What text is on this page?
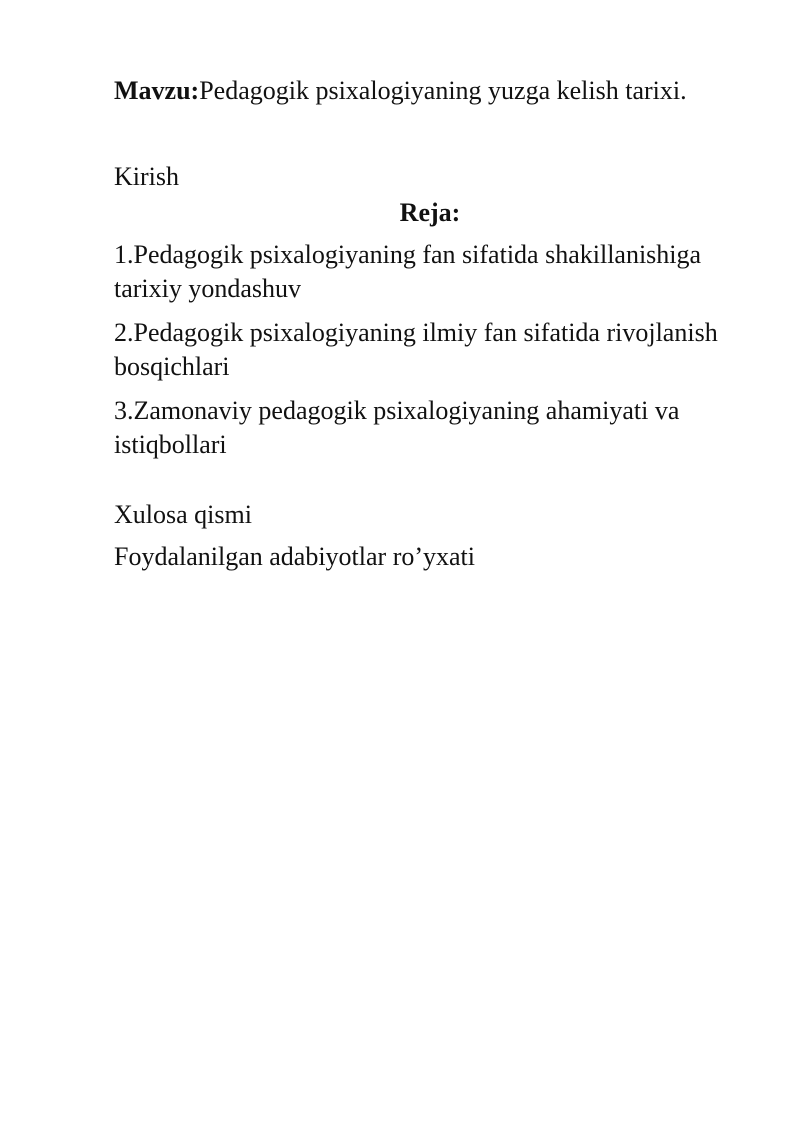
Mavzu:Pedagogik psixalogiyaning yuzga kelish tarixi.

Kirish

Reja:

1.Pedagogik psixalogiyaning fan sifatida shakillanishiga tarixiy yondashuv
2.Pedagogik psixalogiyaning ilmiy fan sifatida rivojlanish bosqichlari
3.Zamonaviy pedagogik psixalogiyaning ahamiyati va istiqbollari

Xulosa qismi

Foydalanilgan adabiyotlar ro’yxati
